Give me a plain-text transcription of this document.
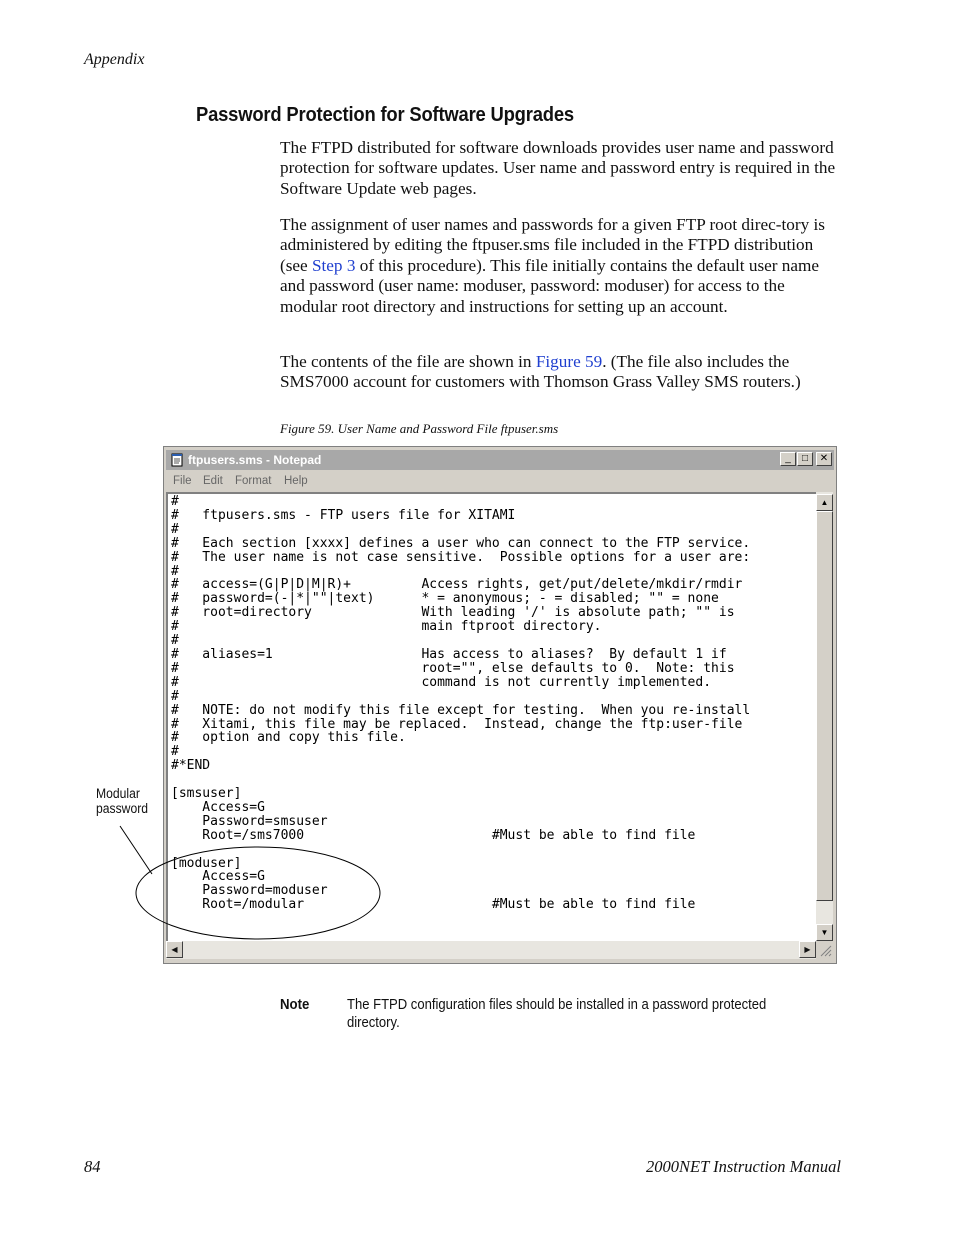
Appendix
Password Protection for Software Upgrades
The FTPD distributed for software downloads provides user name and password protection for software updates. User name and password entry is required in the Software Update web pages.
The assignment of user names and passwords for a given FTP root direc-tory is administered by editing the ftpuser.sms file included in the FTPD distribution (see Step 3 of this procedure). This file initially contains the default user name and password (user name: moduser, password: moduser) for access to the modular root directory and instructions for setting up an account.
The contents of the file are shown in Figure 59. (The file also includes the SMS7000 account for customers with Thomson Grass Valley SMS routers.)
Figure 59. User Name and Password File ftpuser.sms
ftpusers.sms - Notepad	_	□	✕
File Edit Format Help
#
#   ftpusers.sms - FTP users file for XITAMI
#
#   Each section [xxxx] defines a user who can connect to the FTP service.
#   The user name is not case sensitive.  Possible options for a user are:
#
#   access=(G|P|D|M|R)+         Access rights, get/put/delete/mkdir/rmdir
#   password=(-|*|""|text)      * = anonymous; - = disabled; "" = none
#   root=directory              With leading '/' is absolute path; "" is
#                               main ftproot directory.
#
#   aliases=1                   Has access to aliases?  By default 1 if
#                               root="", else defaults to 0.  Note: this
#                               command is not currently implemented.
#
#   NOTE: do not modify this file except for testing.  When you re-install
#   Xitami, this file may be replaced.  Instead, change the ftp:user-file
#   option and copy this file.
#
#*END

[smsuser]
Access=G
Password=smsuser
Root=/sms7000                        #Must be able to find file

[moduser]
Access=G
Password=moduser
Root=/modular                        #Must be able to find file
▲
▼
◀	▶
Modular
password
Note	The FTPD configuration files should be installed in a password protected directory.
84	2000NET Instruction Manual
